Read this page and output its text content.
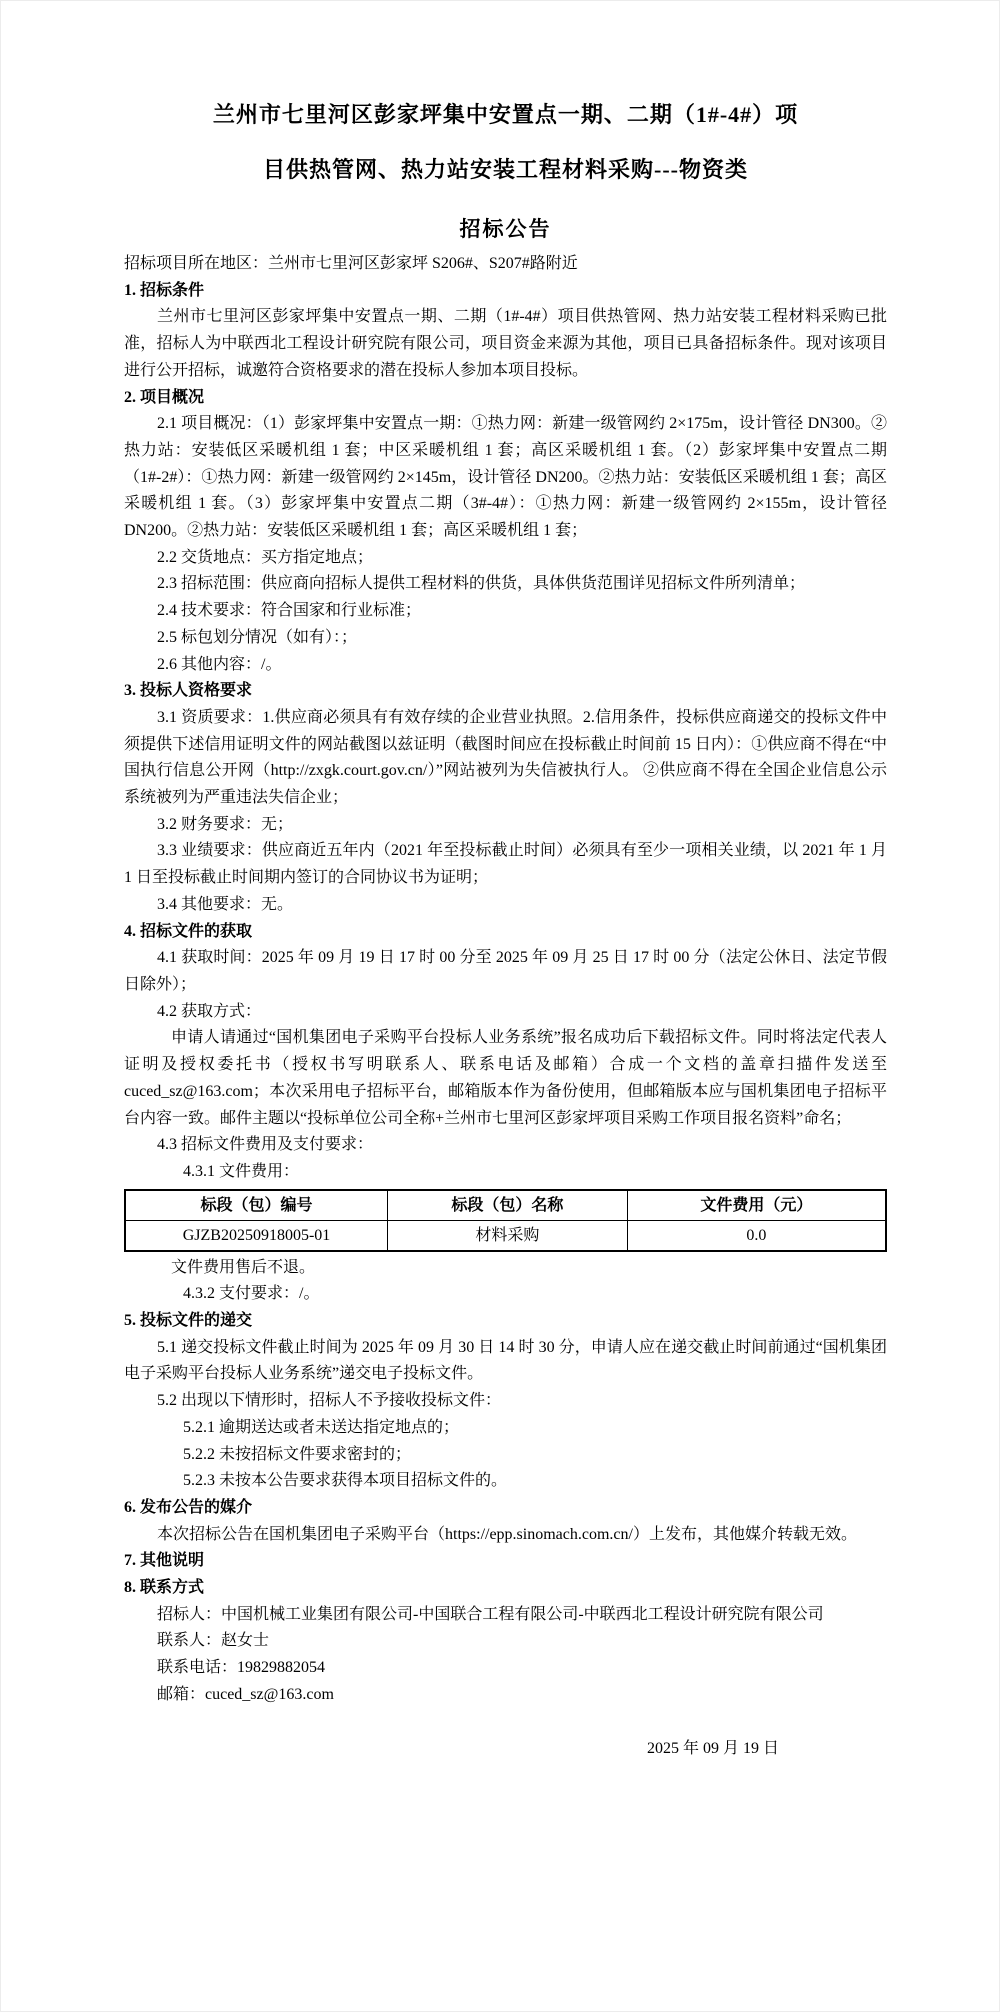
兰州市七里河区彭家坪集中安置点一期、二期（1#-4#）项
目供热管网、热力站安装工程材料采购---物资类
招标公告
招标项目所在地区：兰州市七里河区彭家坪 S206#、S207#路附近
1. 招标条件
兰州市七里河区彭家坪集中安置点一期、二期（1#-4#）项目供热管网、热力站安装工程材料采购已批准，招标人为中联西北工程设计研究院有限公司，项目资金来源为其他，项目已具备招标条件。现对该项目进行公开招标，诚邀符合资格要求的潜在投标人参加本项目投标。
2. 项目概况
2.1 项目概况：（1）彭家坪集中安置点一期：①热力网：新建一级管网约 2×175m，设计管径 DN300。②热力站：安装低区采暖机组 1 套；中区采暖机组 1 套；高区采暖机组 1 套。（2）彭家坪集中安置点二期（1#-2#）：①热力网：新建一级管网约 2×145m，设计管径 DN200。②热力站：安装低区采暖机组 1 套；高区采暖机组 1 套。（3）彭家坪集中安置点二期（3#-4#）：①热力网：新建一级管网约 2×155m，设计管径 DN200。②热力站：安装低区采暖机组 1 套；高区采暖机组 1 套；
2.2 交货地点：买方指定地点；
2.3 招标范围：供应商向招标人提供工程材料的供货，具体供货范围详见招标文件所列清单；
2.4 技术要求：符合国家和行业标准；
2.5 标包划分情况（如有）：；
2.6 其他内容：/。
3. 投标人资格要求
3.1 资质要求：1.供应商必须具有有效存续的企业营业执照。2.信用条件，投标供应商递交的投标文件中须提供下述信用证明文件的网站截图以兹证明（截图时间应在投标截止时间前 15 日内）：①供应商不得在“中国执行信息公开网（http://zxgk.court.gov.cn/）”网站被列为失信被执行人。 ②供应商不得在全国企业信息公示系统被列为严重违法失信企业；
3.2 财务要求：无；
3.3 业绩要求：供应商近五年内（2021 年至投标截止时间）必须具有至少一项相关业绩，以 2021 年 1 月 1 日至投标截止时间期内签订的合同协议书为证明；
3.4 其他要求：无。
4. 招标文件的获取
4.1 获取时间：2025 年 09 月 19 日 17 时 00 分至 2025 年 09 月 25 日 17 时 00 分（法定公休日、法定节假日除外）；
4.2 获取方式：
申请人请通过“国机集团电子采购平台投标人业务系统”报名成功后下载招标文件。同时将法定代表人证明及授权委托书（授权书写明联系人、联系电话及邮箱）合成一个文档的盖章扫描件发送至 cuced_sz@163.com；本次采用电子招标平台，邮箱版本作为备份使用，但邮箱版本应与国机集团电子招标平台内容一致。邮件主题以“投标单位公司全称+兰州市七里河区彭家坪项目采购工作项目报名资料”命名；
4.3 招标文件费用及支付要求：
4.3.1 文件费用：
标段（包）编号	标段（包）名称	文件费用（元）
GJZB20250918005-01	材料采购	0.0
文件费用售后不退。
4.3.2 支付要求：/。
5. 投标文件的递交
5.1 递交投标文件截止时间为 2025 年 09 月 30 日 14 时 30 分，申请人应在递交截止时间前通过“国机集团电子采购平台投标人业务系统”递交电子投标文件。
5.2 出现以下情形时，招标人不予接收投标文件：
5.2.1 逾期送达或者未送达指定地点的；
5.2.2 未按招标文件要求密封的；
5.2.3 未按本公告要求获得本项目招标文件的。
6. 发布公告的媒介
本次招标公告在国机集团电子采购平台（https://epp.sinomach.com.cn/）上发布，其他媒介转载无效。
7. 其他说明
8. 联系方式
招标人：中国机械工业集团有限公司-中国联合工程有限公司-中联西北工程设计研究院有限公司
联系人：赵女士
联系电话：19829882054
邮箱：cuced_sz@163.com
2025 年 09 月 19 日
